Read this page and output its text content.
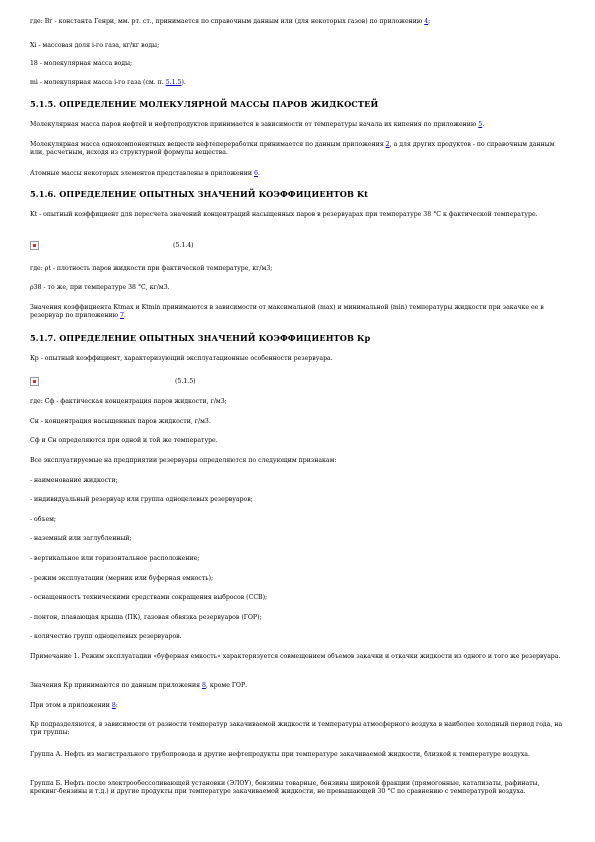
где: Вг - константа Генри, мм. рт. ст., принимается по справочным данным или (для некоторых газов) по приложению 4;

Xi - массовая доля i-го газа, кг/кг воды;

18 - молекулярная масса воды;

mi - молекулярная масса i-го газа (см. п. 5.1.5).

5.1.5. ОПРЕДЕЛЕНИЕ МОЛЕКУЛЯРНОЙ МАССЫ ПАРОВ ЖИДКОСТЕЙ

Молекулярная масса паров нефтей и нефтепродуктов принимается в зависимости от температуры начала их кипения по приложению 5.

Молекулярная масса однокомпонентных веществ нефтепереработки принимается по данным приложения 2, а для других продуктов - по справочным данным или, расчетным, исходя из структурной формулы вещества.

Атомные массы некоторых элементов представлены в приложении 6.

5.1.6. ОПРЕДЕЛЕНИЕ ОПЫТНЫХ ЗНАЧЕНИЙ КОЭФФИЦИЕНТОВ Kt

Kt - опытный коэффициент для пересчета значений концентраций насыщенных паров в резервуарах при температуре 38 °С к фактической температуре.

где: ρt - плотность паров жидкости при фактической температуре, кг/м3;

ρ38 - то же, при температуре 38 °С, кг/м3.

Значения коэффициента Ktmax и Ktmin принимаются в зависимости от максимальной (max) и минимальной (min) температуры жидкости при закачке ее в резервуар по приложению 7.

5.1.7. ОПРЕДЕЛЕНИЕ ОПЫТНЫХ ЗНАЧЕНИЙ КОЭФФИЦИЕНТОВ Кр

Кр - опытный коэффициент, характеризующий эксплуатационные особенности резервуара.

где: Сф - фактическая концентрация паров жидкости, г/м3;

Сн - концентрация насыщенных паров жидкости, г/м3.

Сф и Сн определяются при одной и той же температуре.

Все эксплуатируемые на предприятии резервуары определяются по следующим признакам:

- наименование жидкости;

- индивидуальный резервуар или группа одноцелевых резервуаров;

- объем;

- наземный или заглубленный;

- вертикальное или горизонтальное расположение;

- режим эксплуатации (мерник или буферная емкость);

- оснащенность техническими средствами сокращения выбросов (ССВ);

- понтон, плавающая крыша (ПК), газовая обвязка резервуаров (ГОР);

- количество групп одноцелевых резервуаров.

Примечание 1. Режим эксплуатации «буферная емкость» характеризуется совмещением объемов закачки и откачки жидкости из одного и того же резервуара.

Значения Кр принимаются по данным приложения 8, кроме ГОР.

При этом в приложении 8:

Кр подразделяются, в зависимости от разности температур закачиваемой жидкости и температуры атмосферного воздуха в наиболее холодный период года, на три группы:

Группа А. Нефть из магистрального трубопровода и другие нефтепродукты при температуре закачиваемой жидкости, близкой к температуре воздуха.

Группа Б. Нефть после электрообессоливающей установки (ЭЛОУ), бензины товарные, бензины широкой фракции (прямогонные, катализаты, рафинаты, крекинг-бензины и т.д.) и другие продукты при температуре закачиваемой жидкости, не превышающей 30 °С по сравнению с температурой воздуха.

(5.1.4)
(5.1.5)
